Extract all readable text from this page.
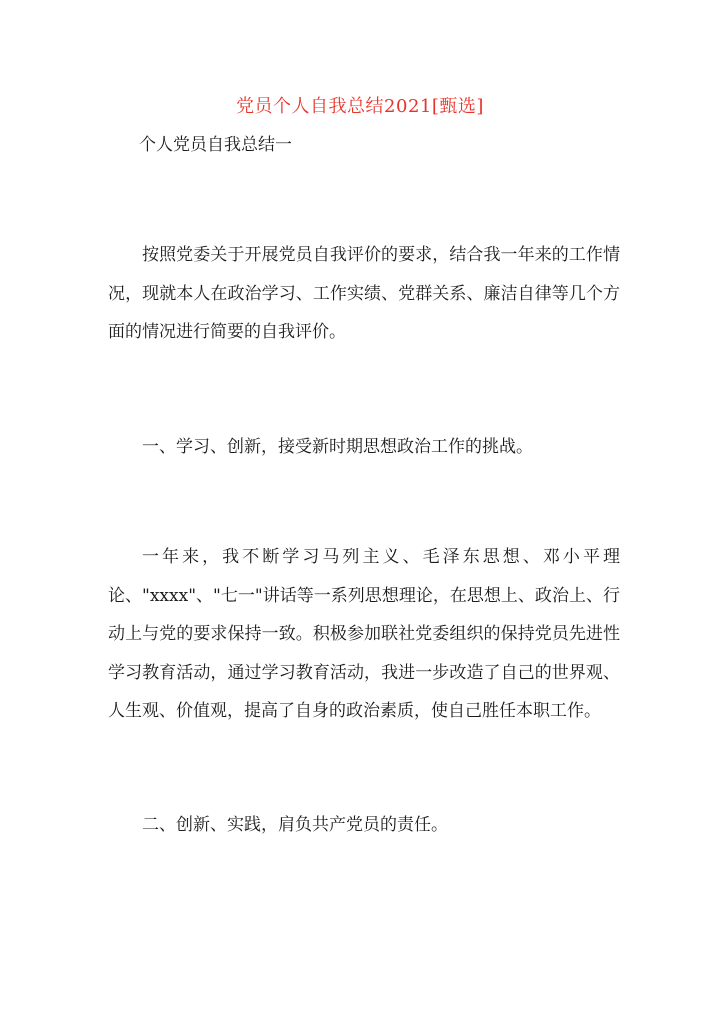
党员个人自我总结2021[甄选]
个人党员自我总结一

按照党委关于开展党员自我评价的要求，结合我一年来的工作情况，现就本人在政治学习、工作实绩、党群关系、廉洁自律等几个方面的情况进行简要的自我评价。

一、学习、创新，接受新时期思想政治工作的挑战。

一年来，我不断学习马列主义、毛泽东思想、邓小平理论、"xxxx"、"七一"讲话等一系列思想理论，在思想上、政治上、行动上与党的要求保持一致。积极参加联社党委组织的保持党员先进性学习教育活动，通过学习教育活动，我进一步改造了自己的世界观、人生观、价值观，提高了自身的政治素质，使自己胜任本职工作。

二、创新、实践，肩负共产党员的责任。
